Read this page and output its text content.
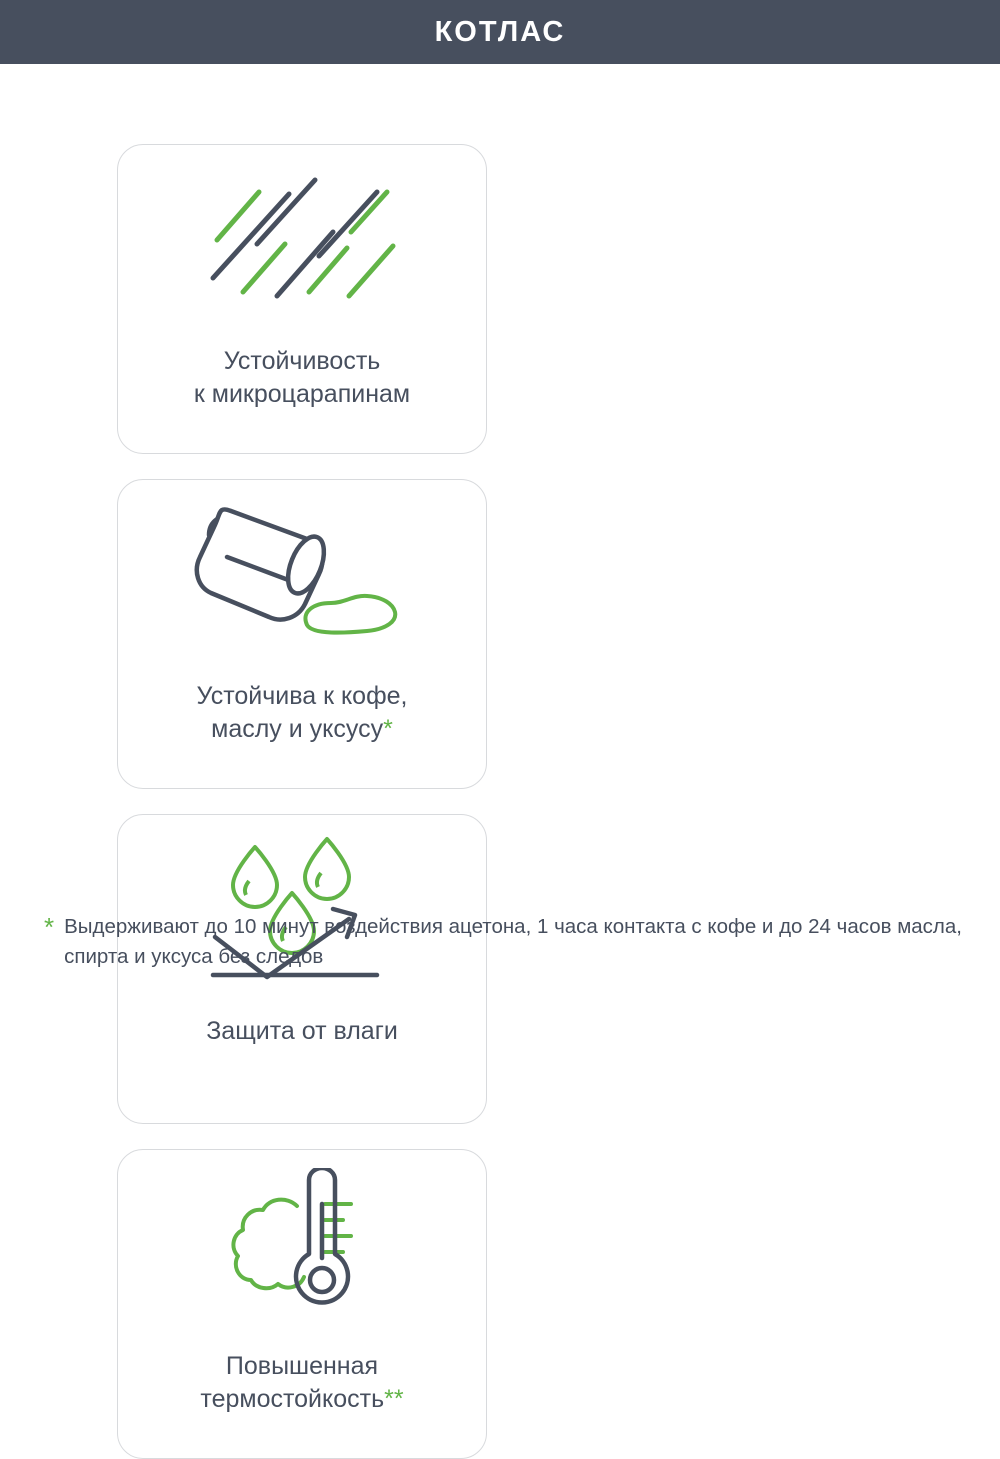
КОТЛАС
Устойчивость
к микроцарапинам
Устойчива к кофе,
маслу и уксусу*
Защита от влаги
Повышенная
термостойкость**
* Выдерживают до 10 минут воздействия ацетона, 1 часа контакта с кофе и до 24 часов масла, спирта и уксуса без следов
